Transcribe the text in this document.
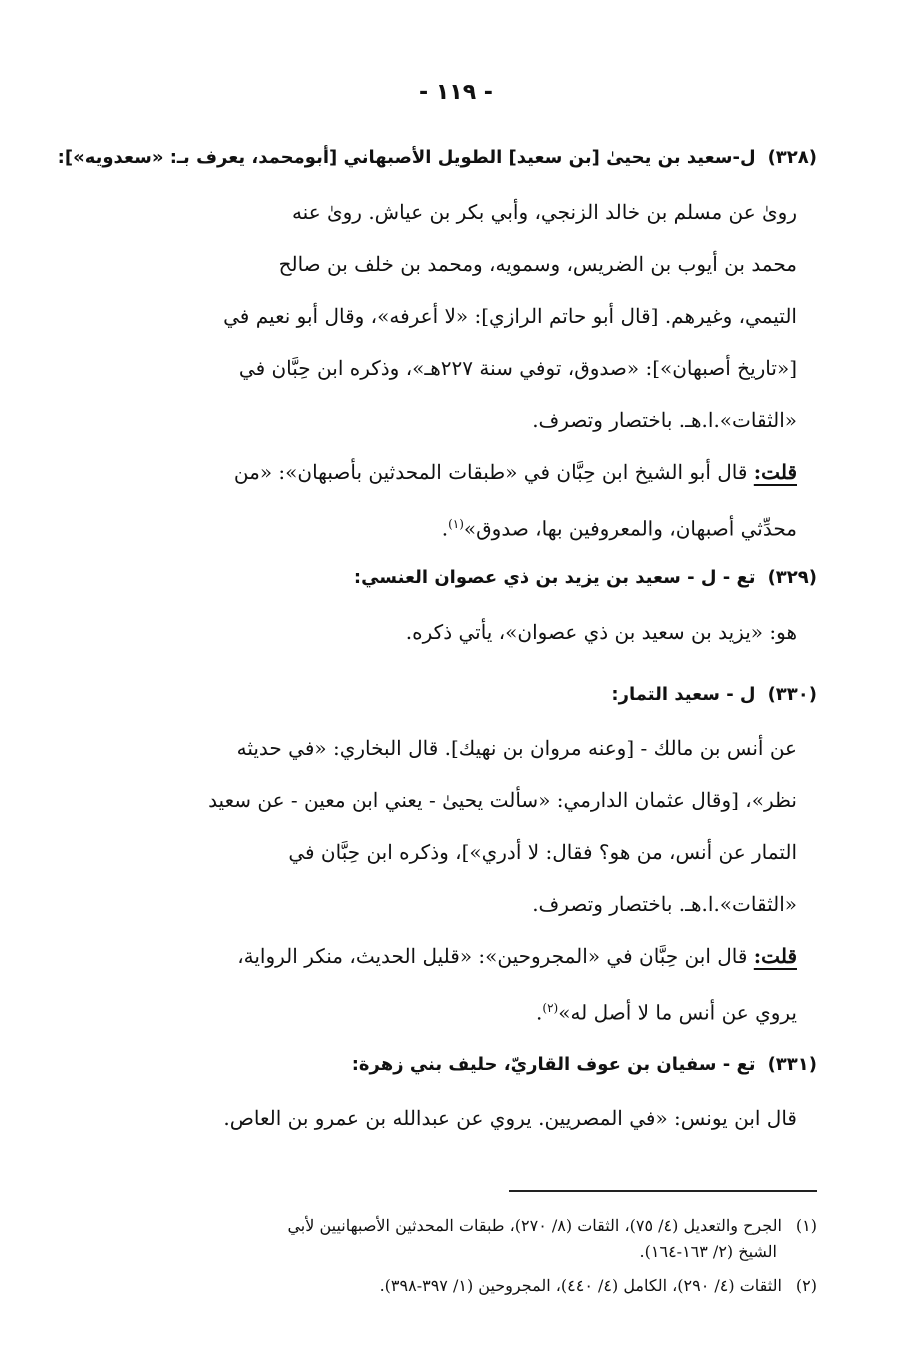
- ١١٩ -
(٣٢٨)ل-سعيد بن يحيىٰ [بن سعيد] الطويل الأصبهاني [أبومحمد، يعرف بـ: «سعدويه»]:
روىٰ عن مسلم بن خالد الزنجي، وأبي بكر بن عياش. روىٰ عنه
محمد بن أيوب بن الضريس، وسمويه، ومحمد بن خلف بن صالح
التيمي، وغيرهم. [قال أبو حاتم الرازي]: «لا أعرفه»، وقال أبو نعيم في
[«تاريخ أصبهان»]: «صدوق، توفي سنة ٢٢٧هـ»، وذكره ابن حِبَّان في
«الثقات».ا.هـ. باختصار وتصرف.
قلت: قال أبو الشيخ ابن حِبَّان في «طبقات المحدثين بأصبهان»: «من
محدِّثي أصبهان، والمعروفين بها، صدوق»$^{(١)}$.
(٣٢٩)تع - ل - سعيد بن يزيد بن ذي عصوان العنسي:
هو: «يزيد بن سعيد بن ذي عصوان»، يأتي ذكره.
(٣٣٠)ل - سعيد التمار:
عن أنس بن مالك - [وعنه مروان بن نهيك]. قال البخاري: «في حديثه
نظر»، [وقال عثمان الدارمي: «سألت يحيىٰ - يعني ابن معين - عن سعيد
التمار عن أنس، من هو؟ فقال: لا أدري»]، وذكره ابن حِبَّان في
«الثقات».ا.هـ. باختصار وتصرف.
قلت: قال ابن حِبَّان في «المجروحين»: «قليل الحديث، منكر الرواية،
يروي عن أنس ما لا أصل له»$^{(٢)}$.
(٣٣١)تع - سفيان بن عوف القاريّ، حليف بني زهرة:
قال ابن يونس: «في المصريين. يروي عن عبدالله بن عمرو بن العاص.
(١)الجرح والتعديل (٤/ ٧٥)، الثقات (٨/ ٢٧٠)، طبقات المحدثين الأصبهانيين لأبي
الشيخ (٢/ ١٦٣-١٦٤).
(٢)الثقات (٤/ ٢٩٠)، الكامل (٤/ ٤٤٠)، المجروحين (١/ ٣٩٧-٣٩٨).
